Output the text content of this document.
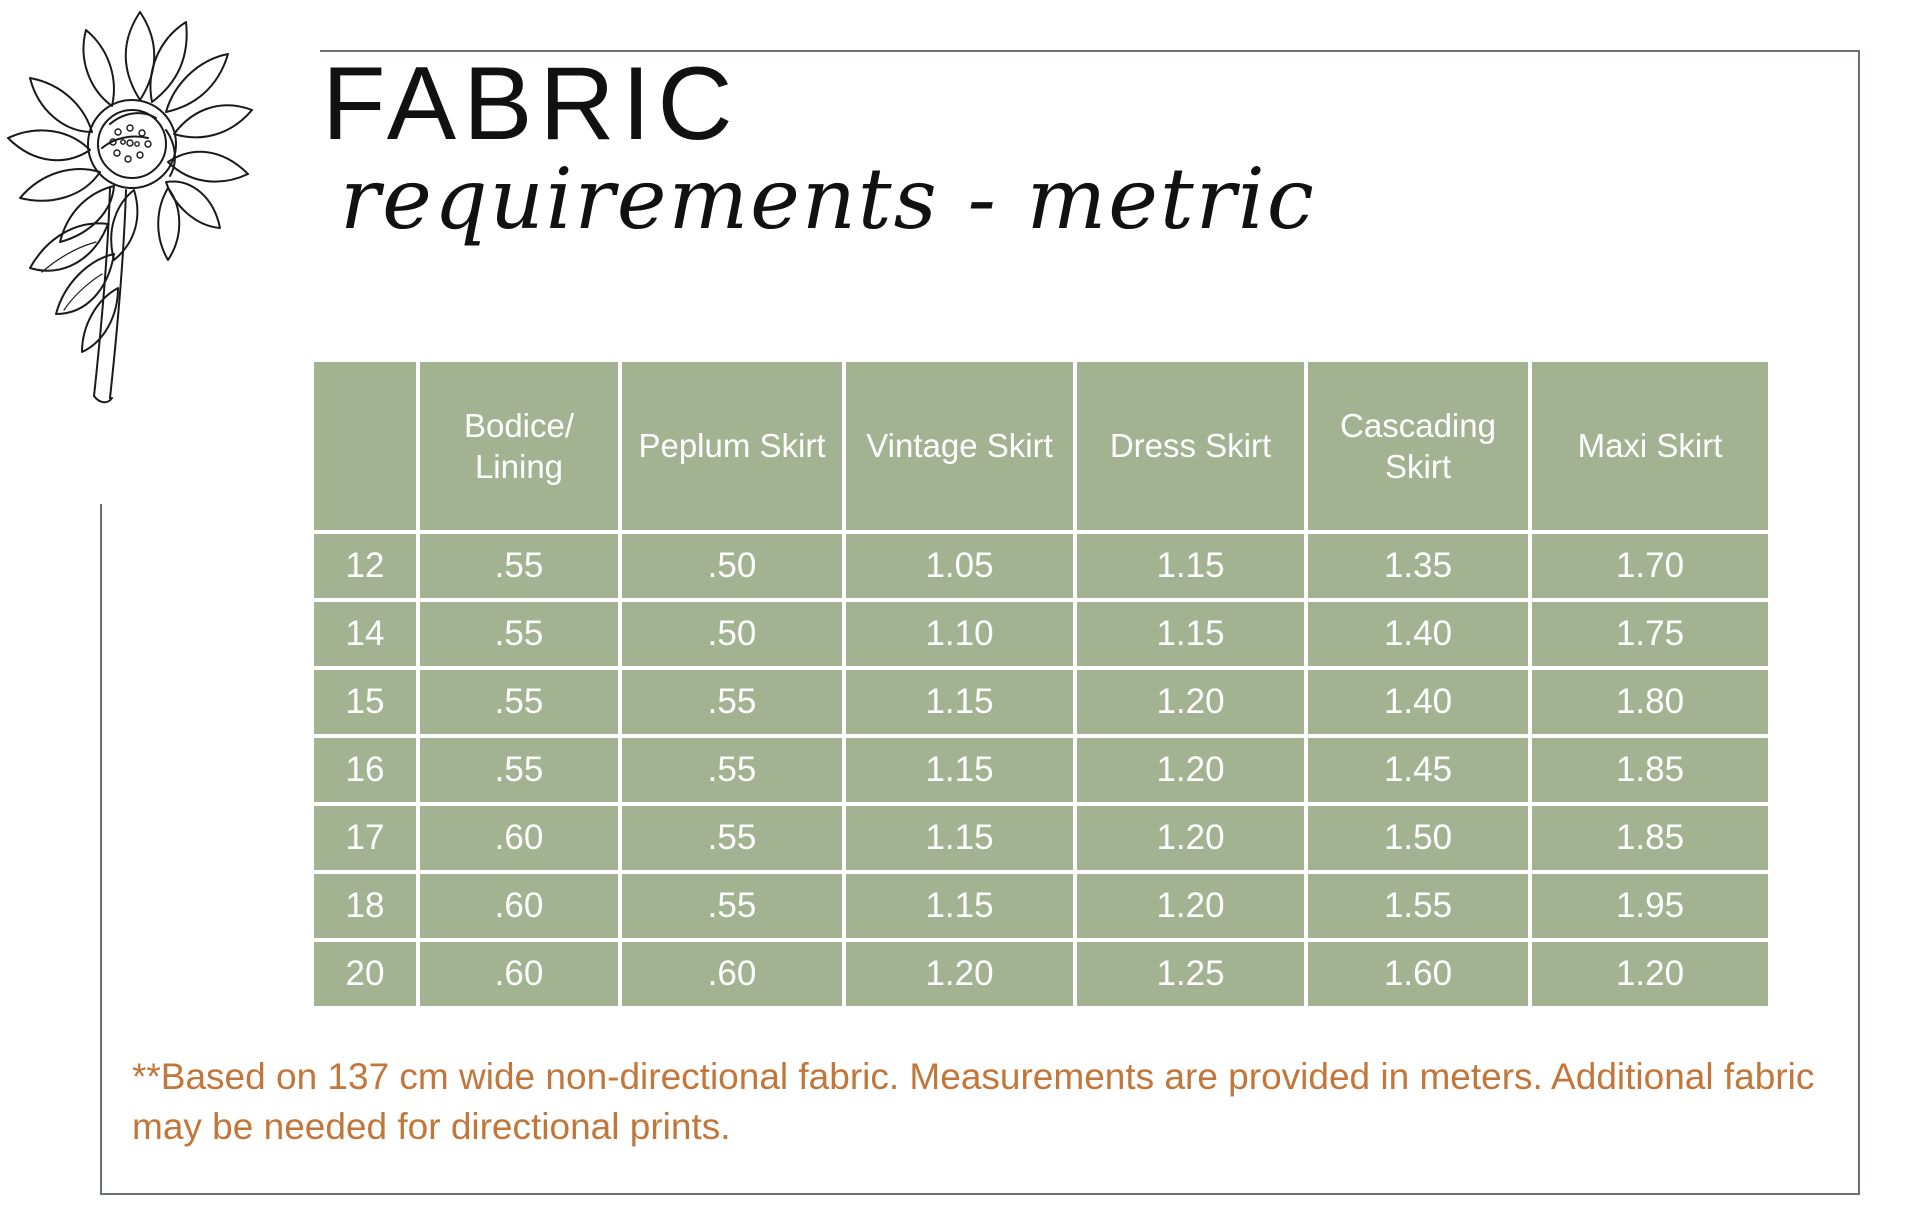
FABRIC
requirements - metric
	Bodice/ Lining	Peplum Skirt	Vintage Skirt	Dress Skirt	Cascading Skirt	Maxi Skirt
12	.55	.50	1.05	1.15	1.35	1.70
14	.55	.50	1.10	1.15	1.40	1.75
15	.55	.55	1.15	1.20	1.40	1.80
16	.55	.55	1.15	1.20	1.45	1.85
17	.60	.55	1.15	1.20	1.50	1.85
18	.60	.55	1.15	1.20	1.55	1.95
20	.60	.60	1.20	1.25	1.60	1.20
**Based on 137 cm wide non-directional fabric. Measurements are provided in meters. Additional fabric may be needed for directional prints.
